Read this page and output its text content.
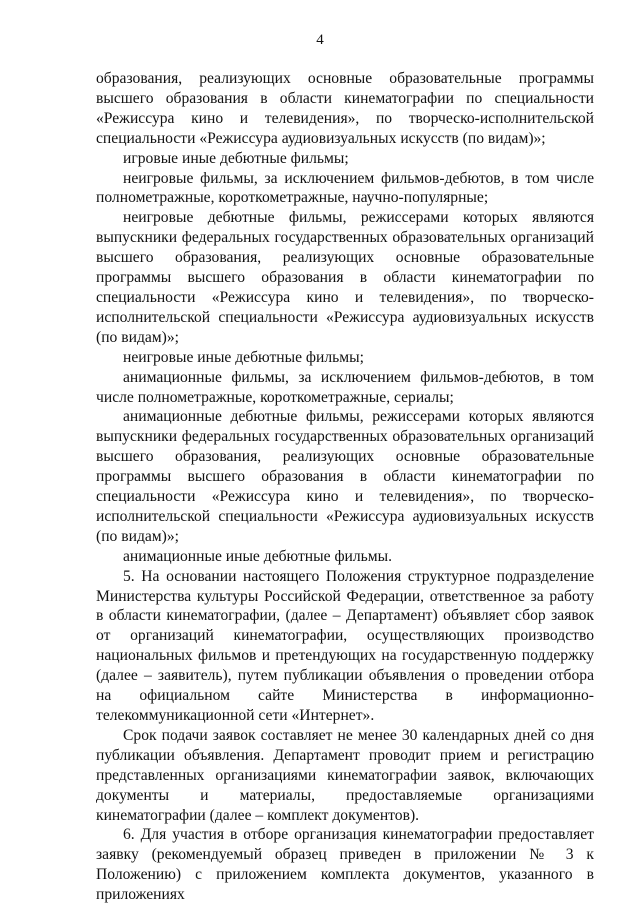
4

образования, реализующих основные образовательные программы высшего образования в области кинематографии по специальности «Режиссура кино и телевидения», по творческо-исполнительской специальности «Режиссура аудиовизуальных искусств (по видам)»;

игровые иные дебютные фильмы;

неигровые фильмы, за исключением фильмов-дебютов, в том числе полнометражные, короткометражные, научно-популярные;

неигровые дебютные фильмы, режиссерами которых являются выпускники федеральных государственных образовательных организаций высшего образования, реализующих основные образовательные программы высшего образования в области кинематографии по специальности «Режиссура кино и телевидения», по творческо-исполнительской специальности «Режиссура аудиовизуальных искусств (по видам)»;

неигровые иные дебютные фильмы;

анимационные фильмы, за исключением фильмов-дебютов, в том числе полнометражные, короткометражные, сериалы;

анимационные дебютные фильмы, режиссерами которых являются выпускники федеральных государственных образовательных организаций высшего образования, реализующих основные образовательные программы высшего образования в области кинематографии по специальности «Режиссура кино и телевидения», по творческо-исполнительской специальности «Режиссура аудиовизуальных искусств (по видам)»;

анимационные иные дебютные фильмы.

5. На основании настоящего Положения структурное подразделение Министерства культуры Российской Федерации, ответственное за работу в области кинематографии, (далее – Департамент) объявляет сбор заявок от организаций кинематографии, осуществляющих производство национальных фильмов и претендующих на государственную поддержку (далее – заявитель), путем публикации объявления о проведении отбора на официальном сайте Министерства в информационно-телекоммуникационной сети «Интернет».

Срок подачи заявок составляет не менее 30 календарных дней со дня публикации объявления. Департамент проводит прием и регистрацию представленных организациями кинематографии заявок, включающих документы и материалы, предоставляемые организациями кинематографии (далее – комплект документов).

6. Для участия в отборе организация кинематографии предоставляет заявку (рекомендуемый образец приведен в приложении № 3 к Положению) с приложением комплекта документов, указанного в приложениях
